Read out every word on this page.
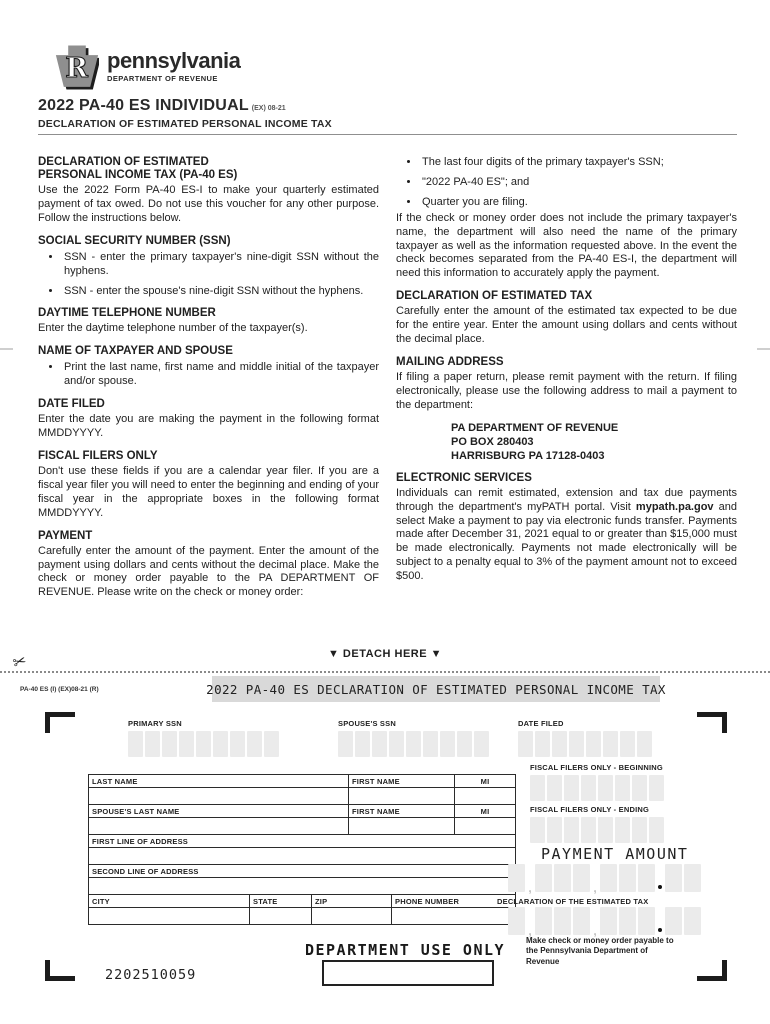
R pennsylvania
DEPARTMENT OF REVENUE
2022 PA-40 ES INDIVIDUAL (EX) 08-21
DECLARATION OF ESTIMATED PERSONAL INCOME TAX
DECLARATION OF ESTIMATED
PERSONAL INCOME TAX (PA-40 ES)

Use the 2022 Form PA-40 ES-I to make your quarterly estimated payment of tax owed. Do not use this voucher for any other purpose. Follow the instructions below.

SOCIAL SECURITY NUMBER (SSN)
• SSN - enter the primary taxpayer's nine-digit SSN without the hyphens.
• SSN - enter the spouse's nine-digit SSN without the hyphens.
DAYTIME TELEPHONE NUMBER

Enter the daytime telephone number of the taxpayer(s).

NAME OF TAXPAYER AND SPOUSE
• Print the last name, first name and middle initial of the taxpayer and/or spouse.
DATE FILED

Enter the date you are making the payment in the following format MMDDYYYY.

FISCAL FILERS ONLY

Don't use these fields if you are a calendar year filer. If you are a fiscal year filer you will need to enter the beginning and ending of your fiscal year in the appropriate boxes in the following format MMDDYYYY.

PAYMENT

Carefully enter the amount of the payment. Enter the amount of the payment using dollars and cents without the decimal place. Make the check or money order payable to the PA DEPARTMENT OF REVENUE. Please write on the check or money order:

• The last four digits of the primary taxpayer's SSN;
• "2022 PA-40 ES"; and
• Quarter you are filing.

If the check or money order does not include the primary taxpayer's name, the department will also need the name of the primary taxpayer as well as the information requested above. In the event the check becomes separated from the PA-40 ES-I, the department will need this information to accurately apply the payment.

DECLARATION OF ESTIMATED TAX

Carefully enter the amount of the estimated tax expected to be due for the entire year. Enter the amount using dollars and cents without the decimal place.

MAILING ADDRESS

If filing a paper return, please remit payment with the return. If filing electronically, please use the following address to mail a payment to the department:

PA DEPARTMENT OF REVENUE
PO BOX 280403
HARRISBURG PA 17128-0403
ELECTRONIC SERVICES

Individuals can remit estimated, extension and tax due payments through the department's myPATH portal. Visit mypath.pa.gov and select Make a payment to pay via electronic funds transfer. Payments made after December 31, 2021 equal to or greater than $15,000 must be made electronically. Payments not made electronically will be subject to a penalty equal to 3% of the payment amount not to exceed $500.

▼ DETACH HERE ▼
✂
PA-40 ES (I) (EX)08-21 (R)	2022 PA-40 ES DECLARATION OF ESTIMATED PERSONAL INCOME TAX
PRIMARY SSN	SPOUSE'S SSN	DATE FILED
LAST NAME	FIRST NAME	MI
SPOUSE'S LAST NAME	FIRST NAME	MI
FIRST LINE OF ADDRESS
SECOND LINE OF ADDRESS
CITY	STATE	ZIP	PHONE NUMBER
FISCAL FILERS ONLY - BEGINNING
FISCAL FILERS ONLY - ENDING
PAYMENT AMOUNT
,	,
DECLARATION OF THE ESTIMATED TAX
,	,
Make check or money order payable to the Pennsylvania Department of Revenue
DEPARTMENT USE ONLY
2202510059
